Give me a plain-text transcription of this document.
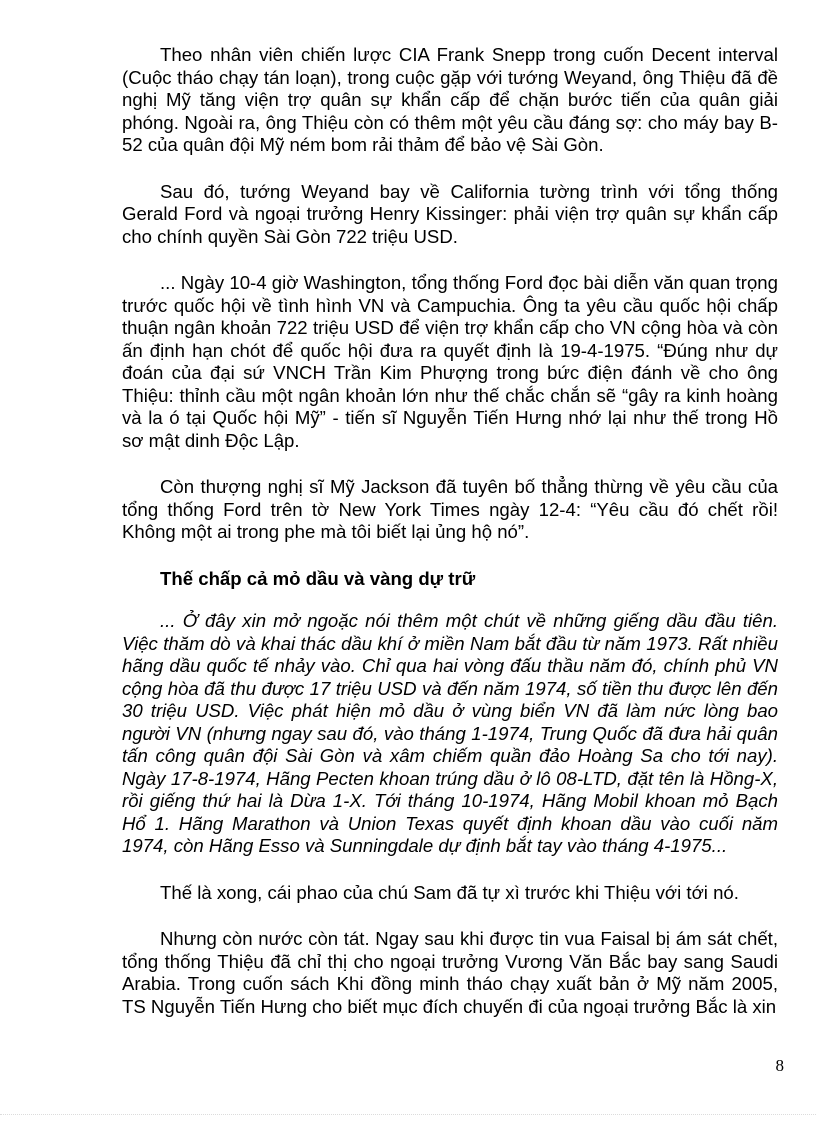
Theo nhân viên chiến lược CIA Frank Snepp trong cuốn Decent interval (Cuộc tháo chạy tán loạn), trong cuộc gặp với tướng Weyand, ông Thiệu đã đề nghị Mỹ tăng viện trợ quân sự khẩn cấp để chặn bước tiến của quân giải phóng. Ngoài ra, ông Thiệu còn có thêm một yêu cầu đáng sợ: cho máy bay B-52 của quân đội Mỹ ném bom rải thảm để bảo vệ Sài Gòn.

Sau đó, tướng Weyand bay về California tường trình với tổng thống Gerald Ford và ngoại trưởng Henry Kissinger: phải viện trợ quân sự khẩn cấp cho chính quyền Sài Gòn 722 triệu USD.

... Ngày 10-4 giờ Washington, tổng thống Ford đọc bài diễn văn quan trọng trước quốc hội về tình hình VN và Campuchia. Ông ta yêu cầu quốc hội chấp thuận ngân khoản 722 triệu USD để viện trợ khẩn cấp cho VN cộng hòa và còn ấn định hạn chót để quốc hội đưa ra quyết định là 19-4-1975. “Đúng như dự đoán của đại sứ VNCH Trần Kim Phượng trong bức điện đánh về cho ông Thiệu: thỉnh cầu một ngân khoản lớn như thế chắc chắn sẽ “gây ra kinh hoàng và la ó tại Quốc hội Mỹ” - tiến sĩ Nguyễn Tiến Hưng nhớ lại như thế trong Hồ sơ mật dinh Độc Lập.

Còn thượng nghị sĩ Mỹ Jackson đã tuyên bố thẳng thừng về yêu cầu của tổng thống Ford trên tờ New York Times ngày 12-4: “Yêu cầu đó chết rồi! Không một ai trong phe mà tôi biết lại ủng hộ nó”.

Thế chấp cả mỏ dầu và vàng dự trữ

... Ở đây xin mở ngoặc nói thêm một chút về những giếng dầu đầu tiên. Việc thăm dò và khai thác dầu khí ở miền Nam bắt đầu từ năm 1973. Rất nhiều hãng dầu quốc tế nhảy vào. Chỉ qua hai vòng đấu thầu năm đó, chính phủ VN cộng hòa đã thu được 17 triệu USD và đến năm 1974, số tiền thu được lên đến 30 triệu USD. Việc phát hiện mỏ dầu ở vùng biển VN đã làm nức lòng bao người VN (nhưng ngay sau đó, vào tháng 1-1974, Trung Quốc đã đưa hải quân tấn công quân đội Sài Gòn và xâm chiếm quần đảo Hoàng Sa cho tới nay). Ngày 17-8-1974, Hãng Pecten khoan trúng dầu ở lô 08-LTD, đặt tên là Hồng-X, rồi giếng thứ hai là Dừa 1-X. Tới tháng 10-1974, Hãng Mobil khoan mỏ Bạch Hổ 1. Hãng Marathon và Union Texas quyết định khoan dầu vào cuối năm 1974, còn Hãng Esso và Sunningdale dự định bắt tay vào tháng 4-1975...

Thế là xong, cái phao của chú Sam đã tự xì trước khi Thiệu với tới nó.

Nhưng còn nước còn tát. Ngay sau khi được tin vua Faisal bị ám sát chết, tổng thống Thiệu đã chỉ thị cho ngoại trưởng Vương Văn Bắc bay sang Saudi Arabia. Trong cuốn sách Khi đồng minh tháo chạy xuất bản ở Mỹ năm 2005, TS Nguyễn Tiến Hưng cho biết mục đích chuyến đi của ngoại trưởng Bắc là xin

8
